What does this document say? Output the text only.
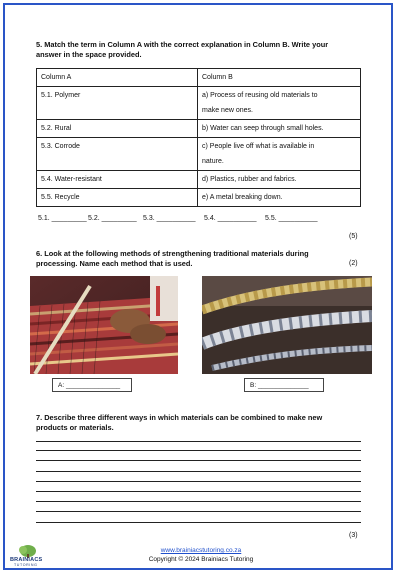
5. Match the term in Column A with the correct explanation in Column B. Write your
answer in the space provided.
Column A	Column B
5.1. Polymer	a) Process of reusing old materials to
make new ones.

5.2. Rural	b) Water can seep through small holes.
5.3. Corrode	c) People live off what is available in
nature.

5.4. Water-resistant	d) Plastics, rubber and fabrics.
5.5. Recycle	e) A metal breaking down.
5.1. _________ 5.2. _________ 5.3. __________ 5.4. __________ 5.5. __________
(5)
6. Look at the following methods of strengthening traditional materials during
processing. Name each method that is used.	(2)
A: _______________	B: ______________
7. Describe three different ways in which materials can be combined to make new
products or materials.
(3)
BRAINIACS
TUTORING
www.brainiacstutoring.co.za
Copyright © 2024 Brainiacs Tutoring
